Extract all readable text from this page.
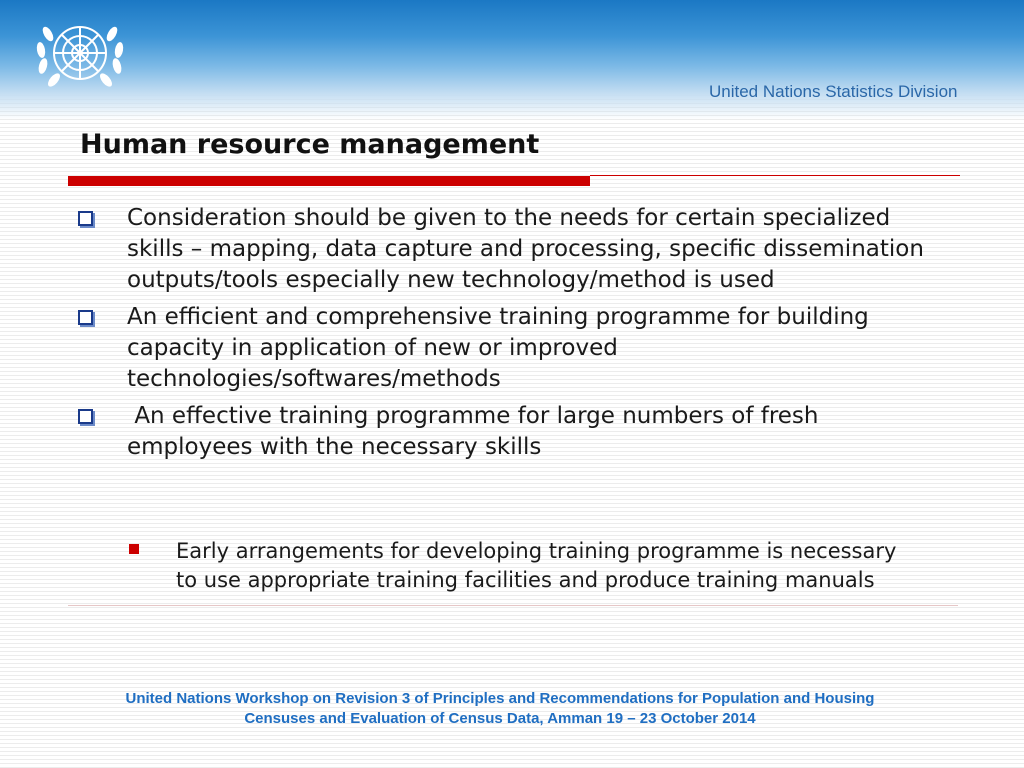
United Nations Statistics Division
Human resource management
Consideration should be given to the needs for certain specialized skills – mapping, data capture and processing, specific dissemination outputs/tools especially new technology/method is used
An efficient and comprehensive training programme for building capacity in application of new or improved technologies/softwares/methods
An effective training programme for large numbers of fresh employees with the necessary skills
Early arrangements for developing training programme is necessary to use appropriate training facilities and produce training manuals
United Nations Workshop on Revision 3 of Principles and Recommendations for Population and Housing
Censuses and Evaluation of Census Data, Amman 19 – 23 October 2014
